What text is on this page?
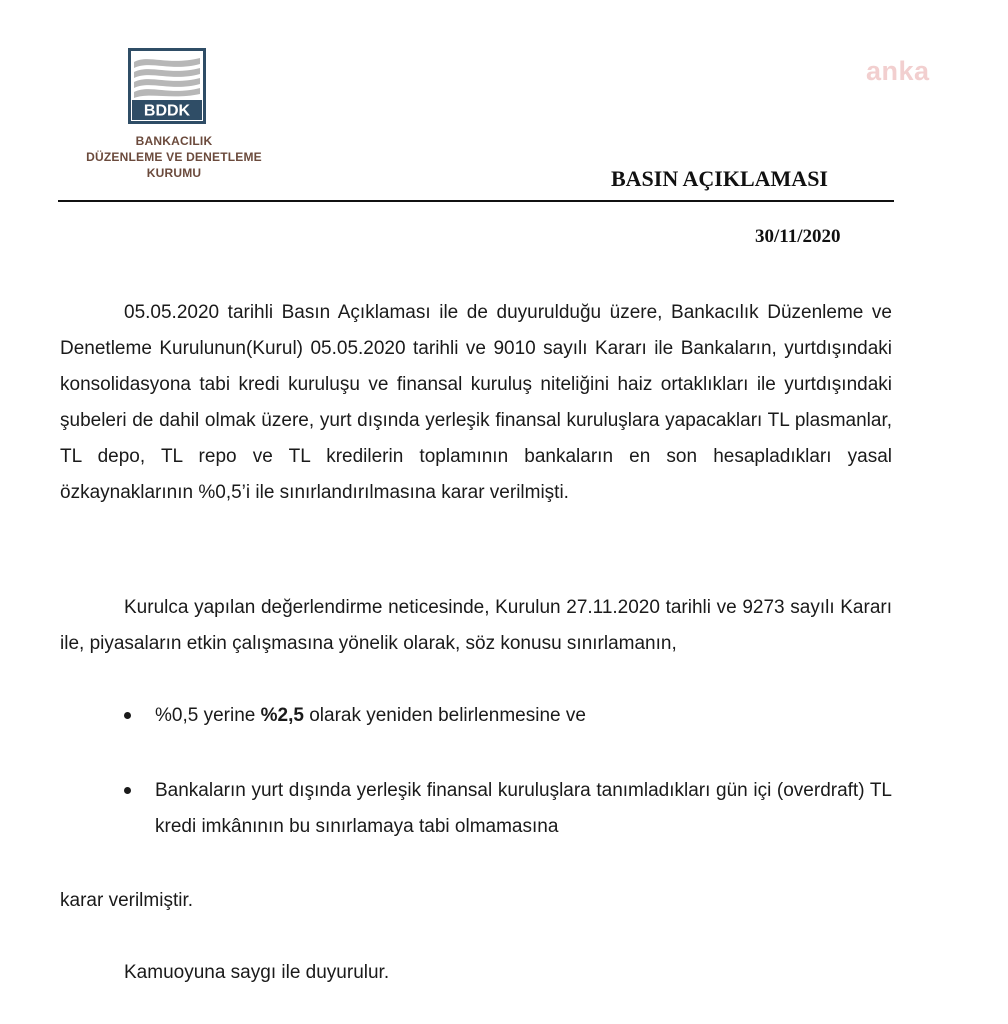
BDDK
BANKACILIK
DÜZENLEME VE DENETLEME
KURUMU
anka
BASIN AÇIKLAMASI
30/11/2020

05.05.2020 tarihli Basın Açıklaması ile de duyurulduğu üzere, Bankacılık Düzenleme ve Denetleme Kurulunun(Kurul) 05.05.2020 tarihli ve 9010 sayılı Kararı ile Bankaların, yurtdışındaki konsolidasyona tabi kredi kuruluşu ve finansal kuruluş niteliğini haiz ortaklıkları ile yurtdışındaki şubeleri de dahil olmak üzere, yurt dışında yerleşik finansal kuruluşlara yapacakları TL plasmanlar, TL depo, TL repo ve TL kredilerin toplamının bankaların en son hesapladıkları yasal özkaynaklarının %0,5’i ile sınırlandırılmasına karar verilmişti.

Kurulca yapılan değerlendirme neticesinde, Kurulun 27.11.2020 tarihli ve 9273 sayılı Kararı ile, piyasaların etkin çalışmasına yönelik olarak, söz konusu sınırlamanın,

%0,5 yerine %2,5 olarak yeniden belirlenmesine ve
Bankaların yurt dışında yerleşik finansal kuruluşlara tanımladıkları gün içi (overdraft) TL kredi imkânının bu sınırlamaya tabi olmamasına
karar verilmiştir.
Kamuoyuna saygı ile duyurulur.
